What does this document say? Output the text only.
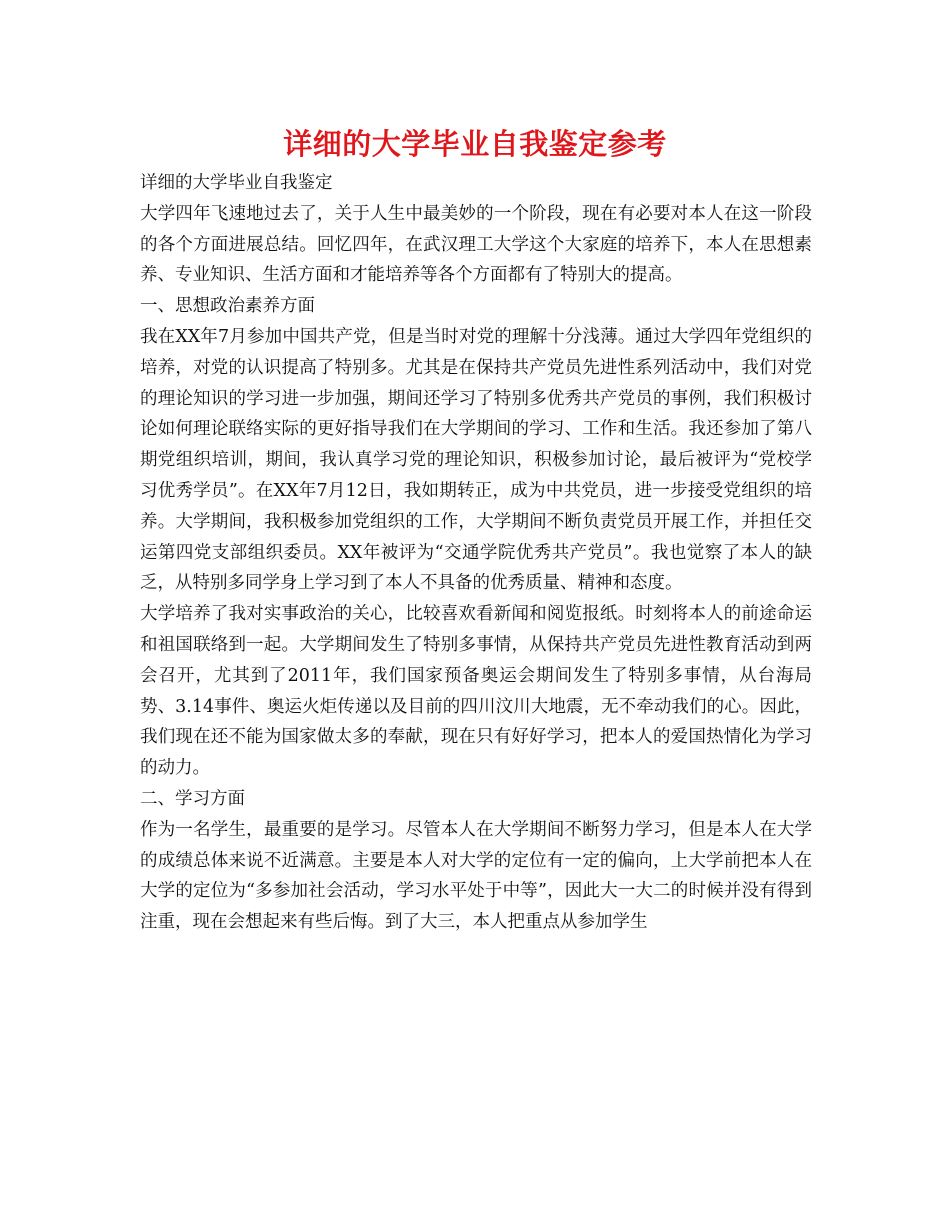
详细的大学毕业自我鉴定参考

详细的大学毕业自我鉴定

大学四年飞速地过去了，关于人生中最美妙的一个阶段，现在有必要对本人在这一阶段的各个方面进展总结。回忆四年，在武汉理工大学这个大家庭的培养下，本人在思想素养、专业知识、生活方面和才能培养等各个方面都有了特别大的提高。

一、思想政治素养方面

我在XX年7月参加中国共产党，但是当时对党的理解十分浅薄。通过大学四年党组织的培养，对党的认识提高了特别多。尤其是在保持共产党员先进性系列活动中，我们对党的理论知识的学习进一步加强，期间还学习了特别多优秀共产党员的事例，我们积极讨论如何理论联络实际的更好指导我们在大学期间的学习、工作和生活。我还参加了第八期党组织培训，期间，我认真学习党的理论知识，积极参加讨论，最后被评为“党校学习优秀学员”。在XX年7月12日，我如期转正，成为中共党员，进一步接受党组织的培养。大学期间，我积极参加党组织的工作，大学期间不断负责党员开展工作，并担任交运第四党支部组织委员。XX年被评为“交通学院优秀共产党员”。我也觉察了本人的缺乏，从特别多同学身上学习到了本人不具备的优秀质量、精神和态度。

大学培养了我对实事政治的关心，比较喜欢看新闻和阅览报纸。时刻将本人的前途命运和祖国联络到一起。大学期间发生了特别多事情，从保持共产党员先进性教育活动到两会召开，尤其到了2011年，我们国家预备奥运会期间发生了特别多事情，从台海局势、3.14事件、奥运火炬传递以及目前的四川汶川大地震，无不牵动我们的心。因此，我们现在还不能为国家做太多的奉献，现在只有好好学习，把本人的爱国热情化为学习的动力。

二、学习方面

作为一名学生，最重要的是学习。尽管本人在大学期间不断努力学习，但是本人在大学的成绩总体来说不近满意。主要是本人对大学的定位有一定的偏向，上大学前把本人在大学的定位为“多参加社会活动，学习水平处于中等”，因此大一大二的时候并没有得到注重，现在会想起来有些后悔。到了大三，本人把重点从参加学生
